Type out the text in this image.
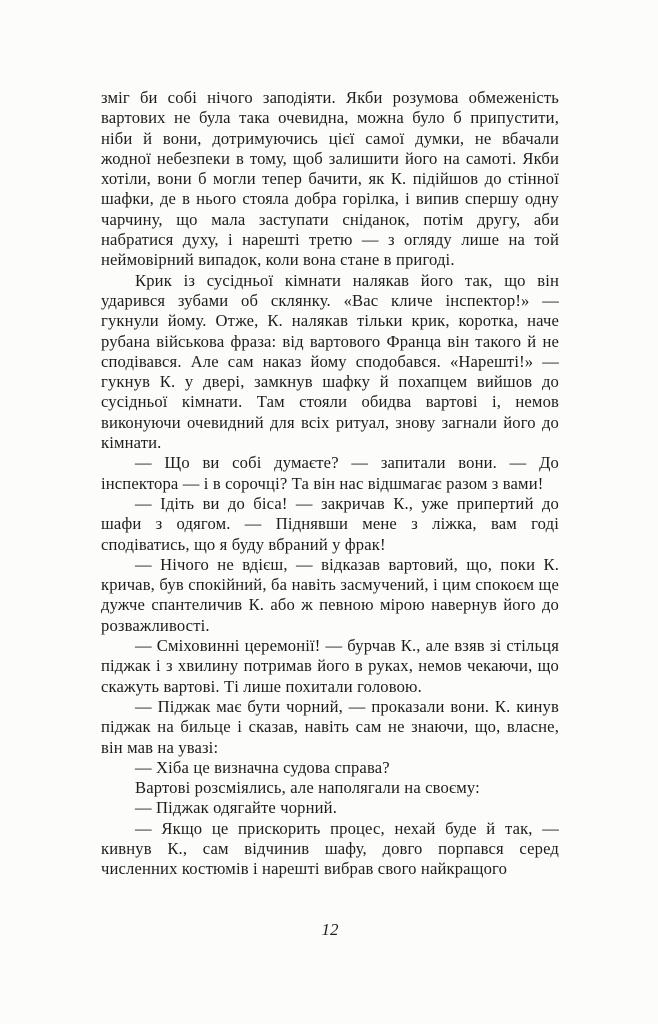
зміг би собі нічого заподіяти. Якби розумова обмеженість вартових не була така очевидна, можна було б припустити, ніби й вони, дотримуючись цієї самої думки, не вбачали жодної небезпеки в тому, щоб залишити його на самоті. Якби хотіли, вони б могли тепер бачити, як К. підійшов до стінної шафки, де в нього стояла добра горілка, і випив спершу одну чарчину, що мала заступати сніданок, потім другу, аби набратися духу, і нарешті третю — з огляду лише на той неймовірний випадок, коли вона стане в пригоді.

Крик із сусідньої кімнати налякав його так, що він ударився зубами об склянку. «Вас кличе інспектор!» — гукнули йому. Отже, К. налякав тільки крик, коротка, наче рубана військова фраза: від вартового Франца він такого й не сподівався. Але сам наказ йому сподобався. «Нарешті!» — гукнув К. у двері, замкнув шафку й похапцем вийшов до сусідньої кімнати. Там стояли обидва вартові і, немов виконуючи очевидний для всіх ритуал, знову загнали його до кімнати.

— Що ви собі думаєте? — запитали вони. — До інспектора — і в сорочці? Та він нас відшмагає разом з вами!

— Ідіть ви до біса! — закричав К., уже припертий до шафи з одягом. — Піднявши мене з ліжка, вам годі сподіватись, що я буду вбраний у фрак!

— Нічого не вдієш, — відказав вартовий, що, поки К. кричав, був спокійний, ба навіть засмучений, і цим спокоєм ще дужче спантеличив К. або ж певною мірою навернув його до розважливості.

— Сміховинні церемонії! — бурчав К., але взяв зі стільця піджак і з хвилину потримав його в руках, немов чекаючи, що скажуть вартові. Ті лише похитали головою.

— Піджак має бути чорний, — проказали вони. К. кинув піджак на бильце і сказав, навіть сам не знаючи, що, власне, він мав на увазі:

— Хіба це визначна судова справа?

Вартові розсміялись, але наполягали на своєму:

— Піджак одягайте чорний.

— Якщо це прискорить процес, нехай буде й так, — кивнув К., сам відчинив шафу, довго порпався серед численних костюмів і нарешті вибрав свого найкращого

12
